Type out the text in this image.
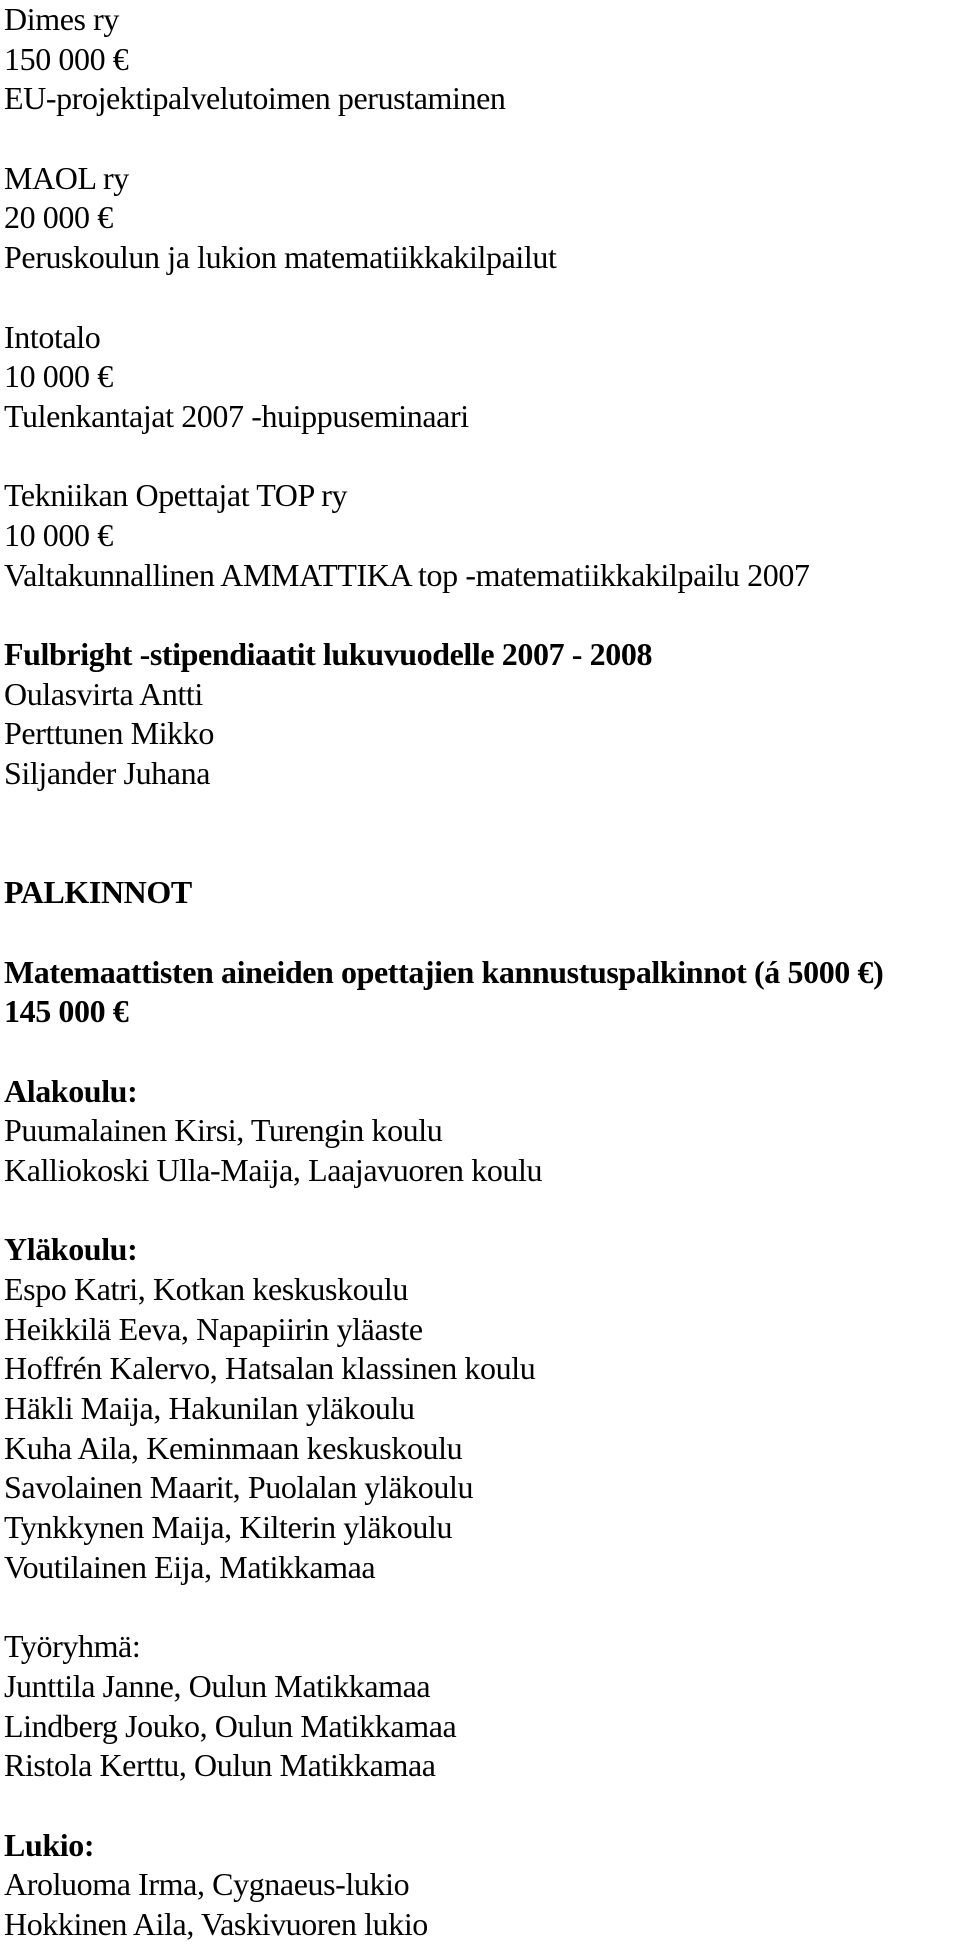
Dimes ry
150 000 €
EU-projektipalvelutoimen perustaminen
MAOL ry
20 000 €
Peruskoulun ja lukion matematiikkakilpailut
Intotalo
10 000 €
Tulenkantajat 2007 -huippuseminaari
Tekniikan Opettajat TOP ry
10 000 €
Valtakunnallinen AMMATTIKA top -matematiikkakilpailu 2007
Fulbright -stipendiaatit lukuvuodelle 2007 - 2008
Oulasvirta Antti
Perttunen Mikko
Siljander Juhana
PALKINNOT
Matemaattisten aineiden opettajien kannustuspalkinnot (á 5000 €)
145 000 €
Alakoulu:
Puumalainen Kirsi, Turengin koulu
Kalliokoski Ulla-Maija, Laajavuoren koulu
Yläkoulu:
Espo Katri, Kotkan keskuskoulu
Heikkilä Eeva, Napapiirin yläaste
Hoffrén Kalervo, Hatsalan klassinen koulu
Häkli Maija, Hakunilan yläkoulu
Kuha Aila, Keminmaan keskuskoulu
Savolainen Maarit, Puolalan yläkoulu
Tynkkynen Maija, Kilterin yläkoulu
Voutilainen Eija, Matikkamaa
Työryhmä:
Junttila Janne, Oulun Matikkamaa
Lindberg Jouko, Oulun Matikkamaa
Ristola Kerttu, Oulun Matikkamaa
Lukio:
Aroluoma Irma, Cygnaeus-lukio
Hokkinen Aila, Vaskivuoren lukio
